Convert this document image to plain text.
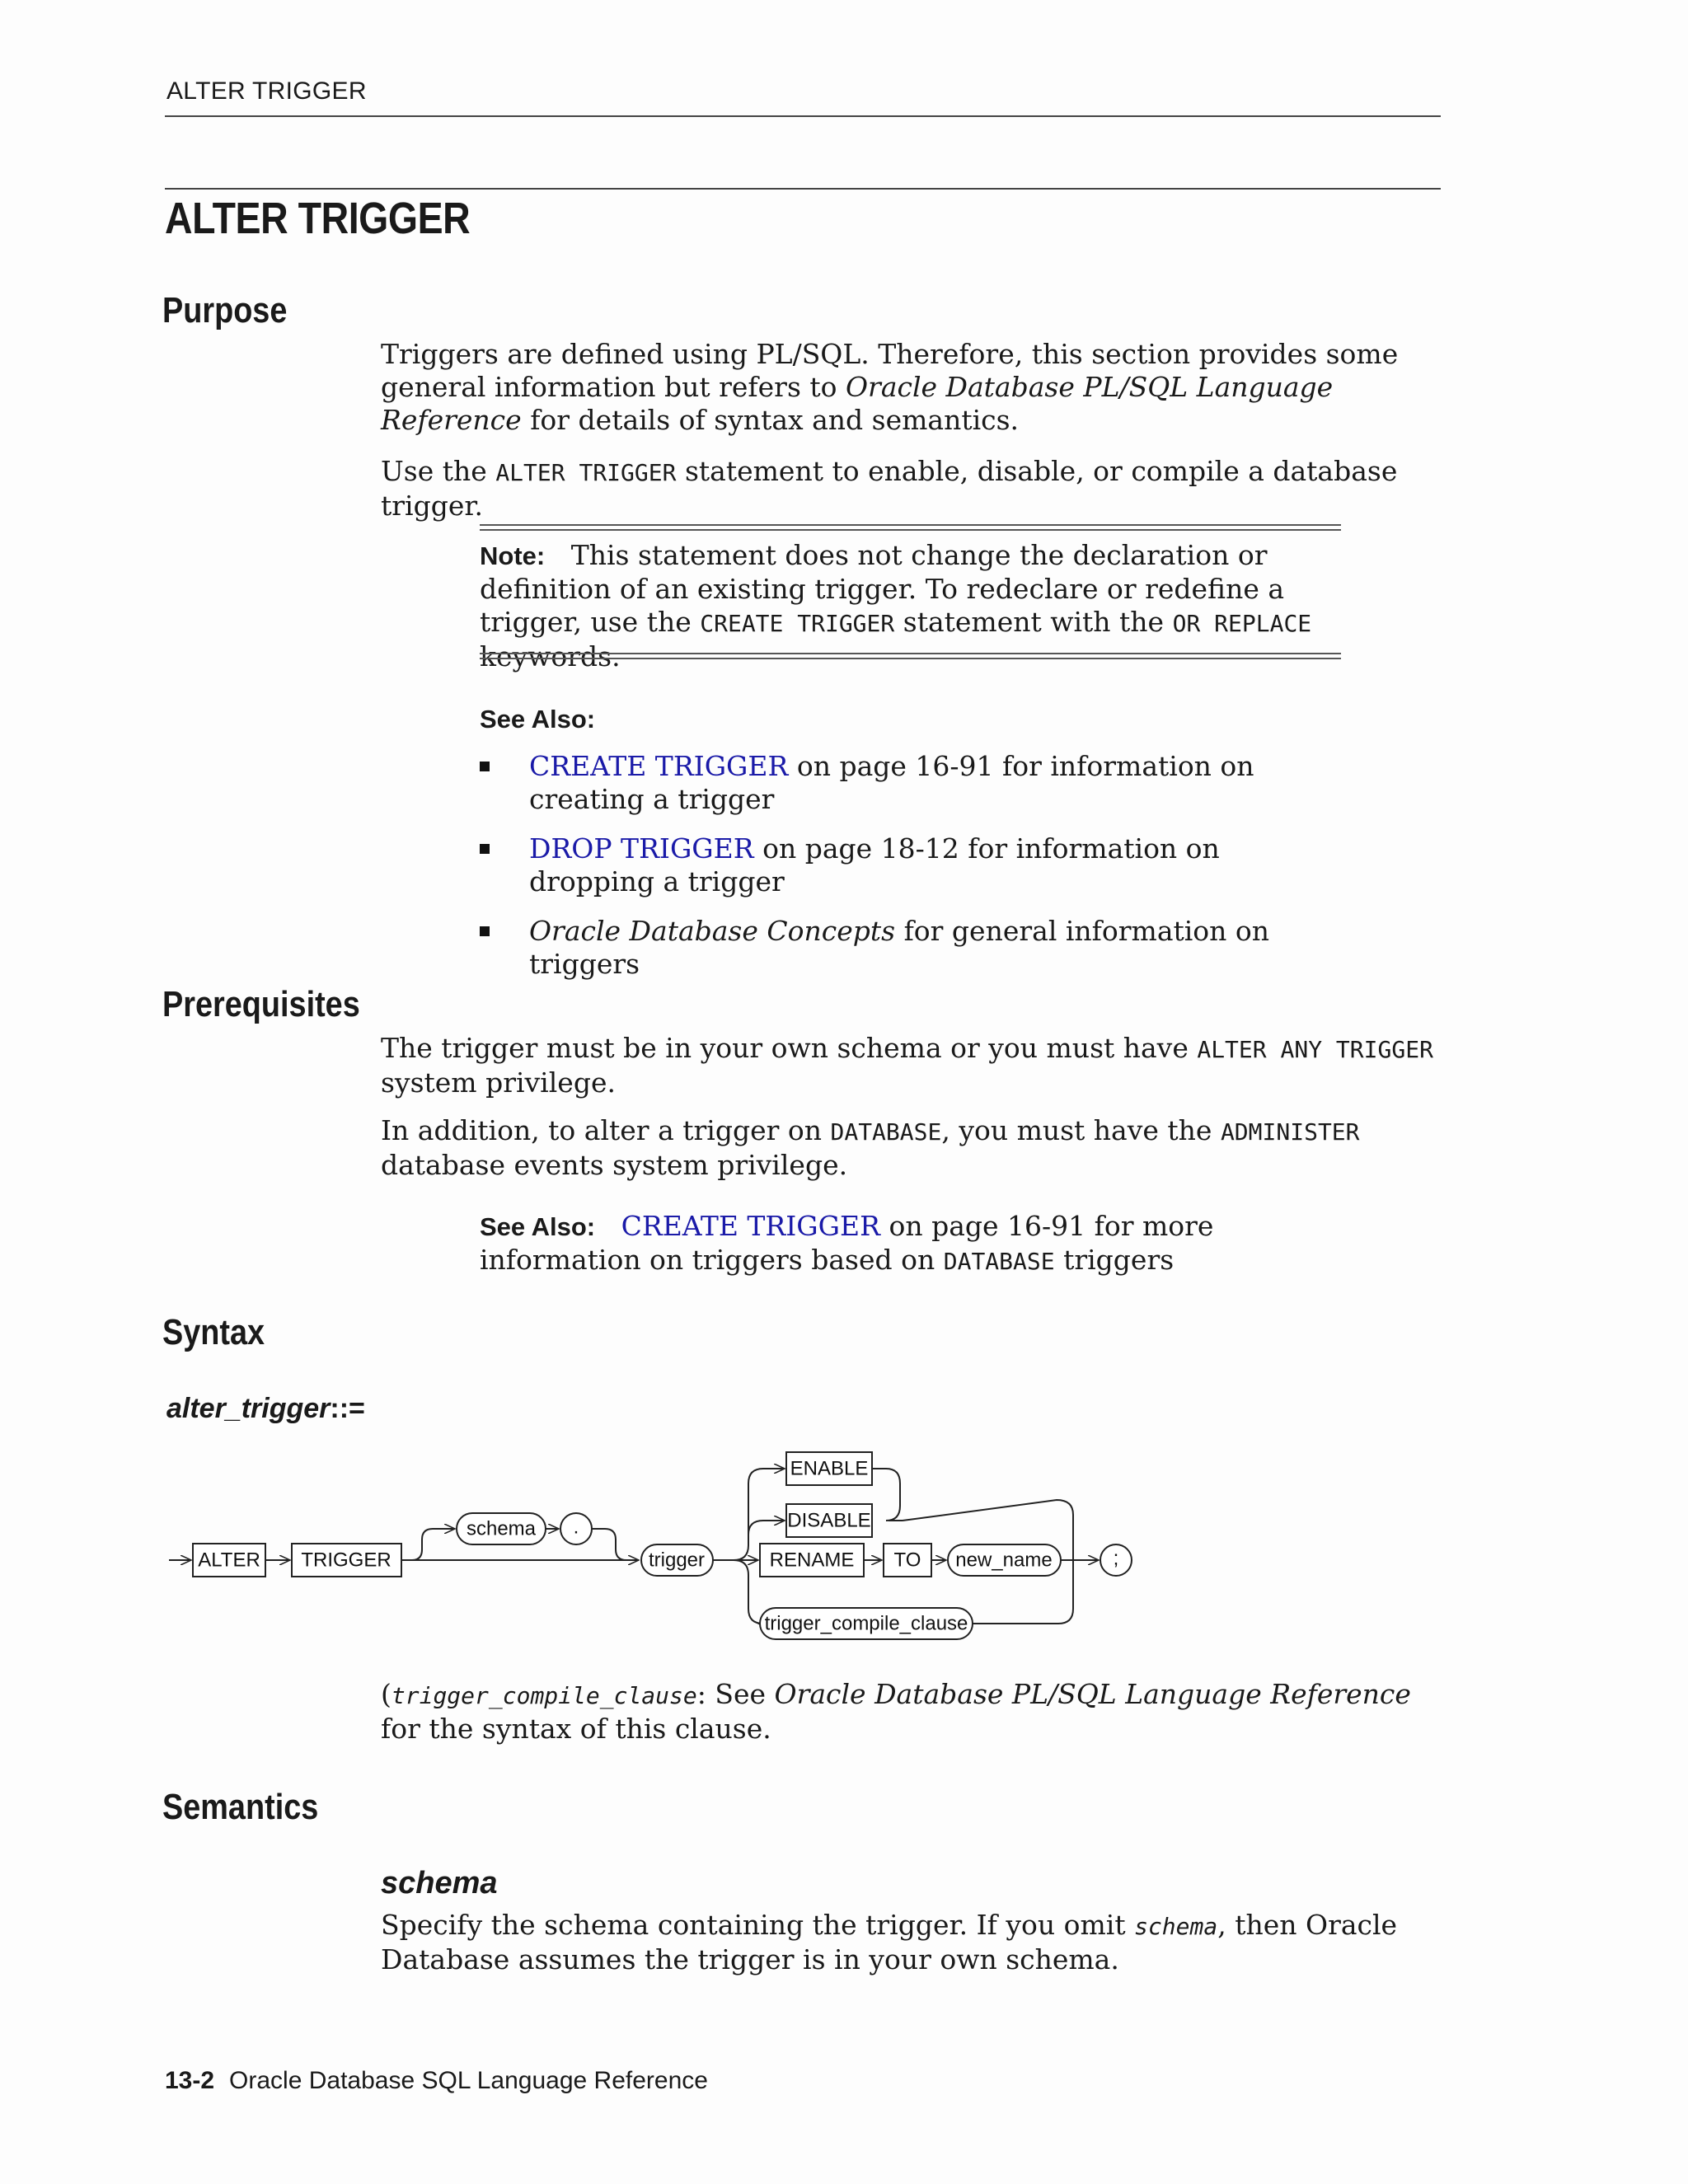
ALTER TRIGGER
ALTER TRIGGER
Purpose

Triggers are defined using PL/SQL. Therefore, this section provides some general information but refers to Oracle Database PL/SQL Language Reference for details of syntax and semantics.

Use the ALTER TRIGGER statement to enable, disable, or compile a database trigger.

Note: This statement does not change the declaration or definition of an existing trigger. To redeclare or redefine a trigger, use the CREATE TRIGGER statement with the OR REPLACE keywords.

See Also:
CREATE TRIGGER on page 16-91 for information on creating a trigger
DROP TRIGGER on page 18-12 for information on dropping a trigger
Oracle Database Concepts for general information on triggers
Prerequisites

The trigger must be in your own schema or you must have ALTER ANY TRIGGER system privilege.

In addition, to alter a trigger on DATABASE, you must have the ADMINISTER database events system privilege.

See Also: CREATE TRIGGER on page 16-91 for more information on triggers based on DATABASE triggers

Syntax
alter_trigger::=
ALTER TRIGGER
ENABLE
DISABLE
RENAME TO
schema .
trigger	new_name
trigger_compile_clause
;

(trigger_compile_clause: See Oracle Database PL/SQL Language Reference for the syntax of this clause.

Semantics
schema

Specify the schema containing the trigger. If you omit schema, then Oracle Database assumes the trigger is in your own schema.

13-2 Oracle Database SQL Language Reference
